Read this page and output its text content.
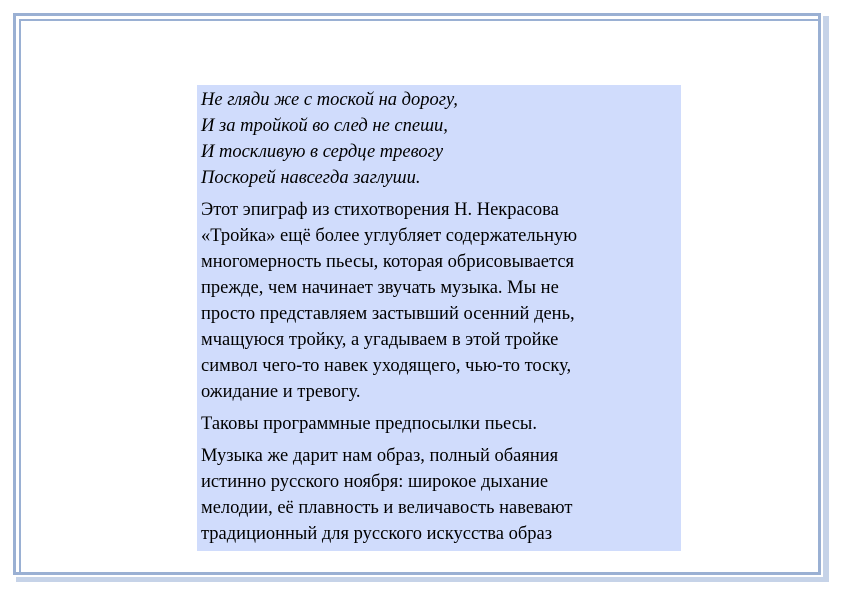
Не гляди же с тоской на дорогу,
И за тройкой во след не спеши,
И тоскливую в сердце тревогу
Поскорей навсегда заглуши.
Этот эпиграф из стихотворения Н. Некрасова
«Тройка» ещё более углубляет содержательную
многомерность пьесы, которая обрисовывается
прежде, чем начинает звучать музыка. Мы не
просто представляем застывший осенний день,
мчащуюся тройку, а угадываем в этой тройке
символ чего-то навек уходящего, чью-то тоску,
ожидание и тревогу.
Таковы программные предпосылки пьесы.
Музыка же дарит нам образ, полный обаяния
истинно русского ноября: широкое дыхание
мелодии, её плавность и величавость навевают
традиционный для русского искусства образ
